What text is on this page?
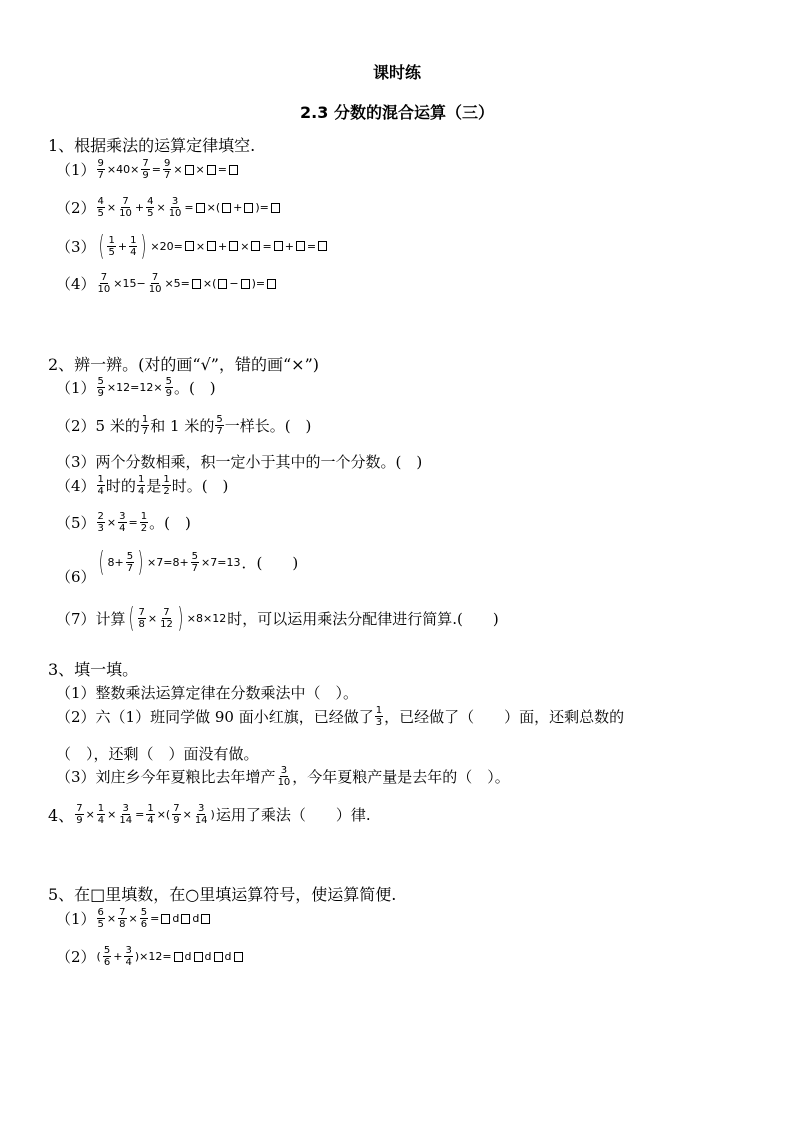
课时练
2.3 分数的混合运算（三）
1、根据乘法的运算定律填空.
$(1) \frac{9}{7} \times 40\times \frac{7}{9} = \frac{9}{7}$ × × =
$(2) \frac{4}{5} \times \frac{7}{10} + \frac{4}{5} \times \frac{3}{10}$ = ×( + )=
（3） ( 1
$5 + \frac{1}{4}$ ) ×20= × + × = + =
$(4) \frac{7}{10} \times 15- \frac{7}{10} \times 5=$ ×( − )=
2、辨一辨。(对的画“√”，错的画“×”)
$(1) \frac{5}{9} \times 12=12\times \frac{5}{9}$ 。(　)
（2） 5 米的 1
7 和 1 米的 5
7 一样长。(　)
（3） 两个分数相乘，积一定小于其中的一个分数。(　)
（4） 1
4 时的 1
4 是 1
2 时。(　)
$(5) \frac{2}{3} \times \frac{3}{4} = \frac{1}{2}$ 。(　)
（6） ( $8+ \frac{5}{7}$ ) $\times 7=8+ \frac{5}{7} \times 7=13$ ．(　　)
（7） 计算 ( $\frac{7}{8} \times \frac{7}{12}$ ) ×8×12 时，可以运用乘法分配律进行简算.(　　)
3、填一填。
（1） 整数乘法运算定律在分数乘法中（　）。
（2） 六（1）班同学做 90 面小红旗，已经做了 1
3 ，已经做了（　　）面，还剩总数的
（　），还剩（　）面没有做。
（3） 刘庄乡今年夏粮比去年增产 3
10 ，今年夏粮产量是去年的（　）。
4、 $\frac{7}{9} \times \frac{1}{4} \times \frac{3}{14} = \frac{1}{4}$ ×( $\frac{7}{9} \times \frac{3}{14}$ ) 运用了乘法（　　）律.
5、在□里填数，在○里填运算符号，使运算简便.
$(1) \frac{6}{5} \times \frac{7}{8} \times \frac{5}{6} = d$ d
（2） ( 5
$6 + \frac{3}{4} )\times 12= d$ d d
